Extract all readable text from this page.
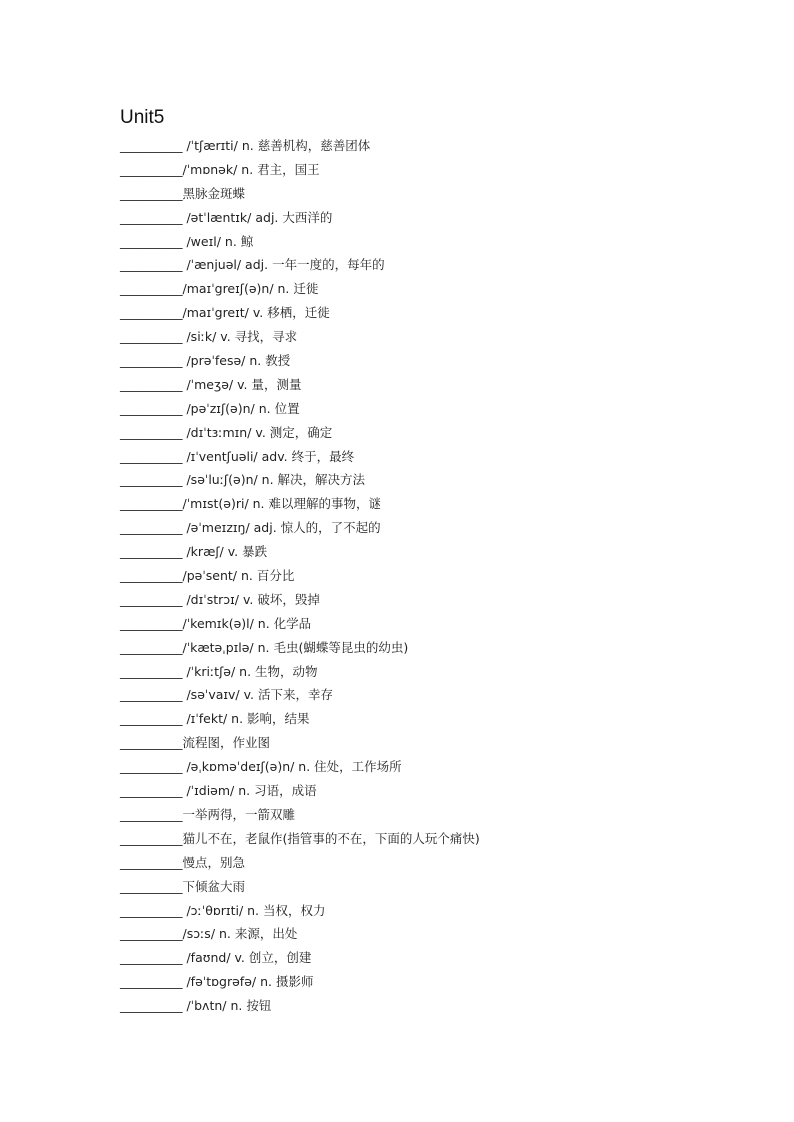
Unit5
__________ /ˈtʃærɪti/ n. 慈善机构，慈善团体
__________/ˈmɒnək/ n. 君主，国王
__________黑脉金斑蝶
__________ /ətˈlæntɪk/ adj. 大西洋的
__________ /weɪl/ n. 鲸
__________ /ˈænjuəl/ adj. 一年一度的，每年的
__________/maɪˈgreɪʃ(ə)n/ n. 迁徙
__________/maɪˈgreɪt/ v. 移栖，迁徙
__________ /siːk/ v. 寻找，寻求
__________ /prəˈfesə/ n. 教授
__________ /ˈmeʒə/ v. 量，测量
__________ /pəˈzɪʃ(ə)n/ n. 位置
__________ /dɪˈtɜːmɪn/ v. 测定，确定
__________ /ɪˈventʃuəli/ adv. 终于，最终
__________ /səˈluːʃ(ə)n/ n. 解决，解决方法
__________/ˈmɪst(ə)ri/ n. 难以理解的事物，谜
__________ /əˈmeɪzɪŋ/ adj. 惊人的，了不起的
__________ /kræʃ/ v. 暴跌
__________/pəˈsent/ n. 百分比
__________ /dɪˈstrɔɪ/ v. 破坏，毁掉
__________/ˈkemɪk(ə)l/ n. 化学品
__________/ˈkætəˌpɪlə/ n. 毛虫(蝴蝶等昆虫的幼虫)
__________ /ˈkriːtʃə/ n. 生物，动物
__________ /səˈvaɪv/ v. 活下来，幸存
__________ /ɪˈfekt/ n. 影响，结果
__________流程图，作业图
__________ /əˌkɒməˈdeɪʃ(ə)n/ n. 住处，工作场所
__________ /ˈɪdiəm/ n. 习语，成语
__________一举两得，一箭双雕
__________猫儿不在，老鼠作(指管事的不在，下面的人玩个痛快)
__________慢点，别急
__________下倾盆大雨
__________ /ɔːˈθɒrɪti/ n. 当权，权力
__________/sɔːs/ n. 来源，出处
__________ /faʊnd/ v. 创立，创建
__________ /fəˈtɒgrəfə/ n. 摄影师
__________ /ˈbʌtn/ n. 按钮
